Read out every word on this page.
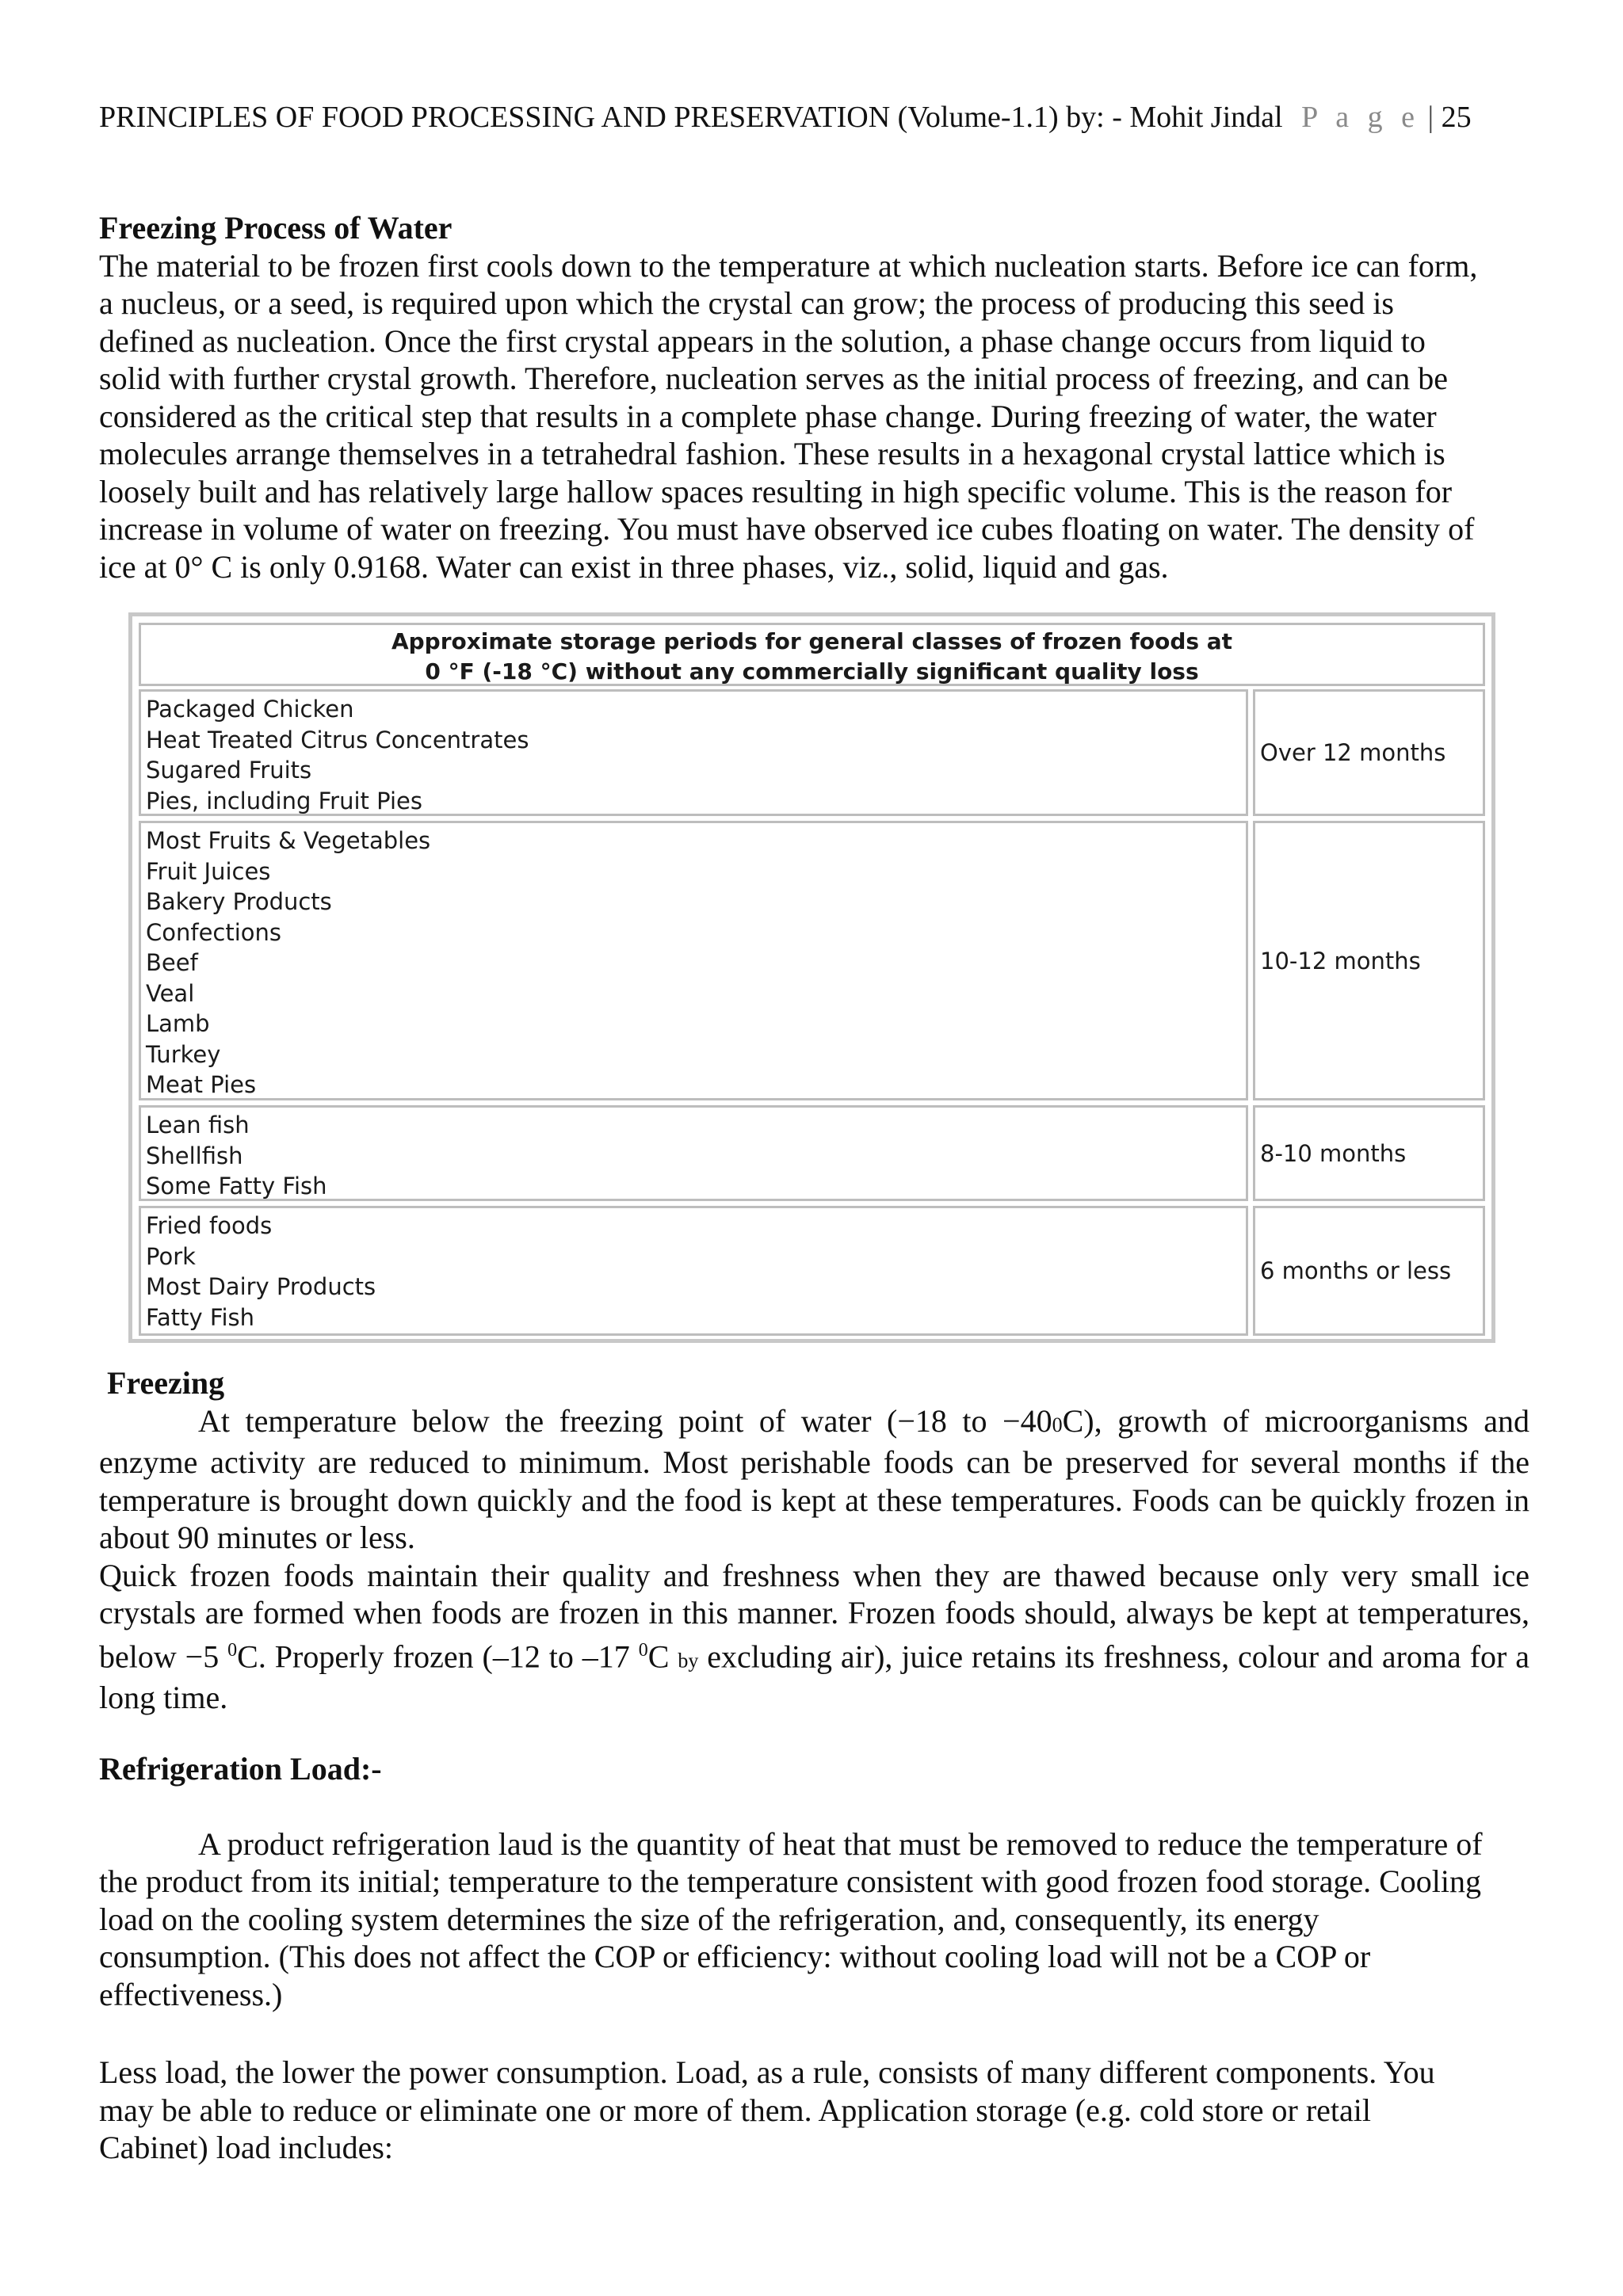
PRINCIPLES OF FOOD PROCESSING AND PRESERVATION (Volume-1.1) by: - Mohit Jindal P a g e | 25
Freezing Process of Water
The material to be frozen first cools down to the temperature at which nucleation starts. Before ice can form,
a nucleus, or a seed, is required upon which the crystal can grow; the process of producing this seed is
defined as nucleation. Once the first crystal appears in the solution, a phase change occurs from liquid to
solid with further crystal growth. Therefore, nucleation serves as the initial process of freezing, and can be
considered as the critical step that results in a complete phase change. During freezing of water, the water
molecules arrange themselves in a tetrahedral fashion. These results in a hexagonal crystal lattice which is
loosely built and has relatively large hallow spaces resulting in high specific volume. This is the reason for
increase in volume of water on freezing. You must have observed ice cubes floating on water. The density of
ice at 0° C is only 0.9168. Water can exist in three phases, viz., solid, liquid and gas.
Approximate storage periods for general classes of frozen foods at
0 °F (-18 °C) without any commercially significant quality loss
Packaged Chicken
Heat Treated Citrus Concentrates
Sugared Fruits
Pies, including Fruit Pies
Over 12 months
Most Fruits & Vegetables
Fruit Juices
Bakery Products
Confections
Beef
Veal
Lamb
Turkey
Meat Pies
10-12 months
Lean fish
Shellfish
Some Fatty Fish
8-10 months
Fried foods
Pork
Most Dairy Products
Fatty Fish
6 months or less
Freezing

At temperature below the freezing point of water (−18 to −400C), growth of microorganisms and enzyme activity are reduced to minimum. Most perishable foods can be preserved for several months if the temperature is brought down quickly and the food is kept at these temperatures. Foods can be quickly frozen in about 90 minutes or less.

Quick frozen foods maintain their quality and freshness when they are thawed because only very small ice crystals are formed when foods are frozen in this manner. Frozen foods should, always be kept at temperatures, below −5 $^0$C. Properly frozen (–12 to –17 $^0$C by excluding air), juice retains its freshness, colour and aroma for a long time.

Refrigeration Load:-
A product refrigeration laud is the quantity of heat that must be removed to reduce the temperature of
the product from its initial; temperature to the temperature consistent with good frozen food storage. Cooling
load on the cooling system determines the size of the refrigeration, and, consequently, its energy
consumption. (This does not affect the COP or efficiency: without cooling load will not be a COP or
effectiveness.)
Less load, the lower the power consumption. Load, as a rule, consists of many different components. You
may be able to reduce or eliminate one or more of them. Application storage (e.g. cold store or retail
Cabinet) load includes:
